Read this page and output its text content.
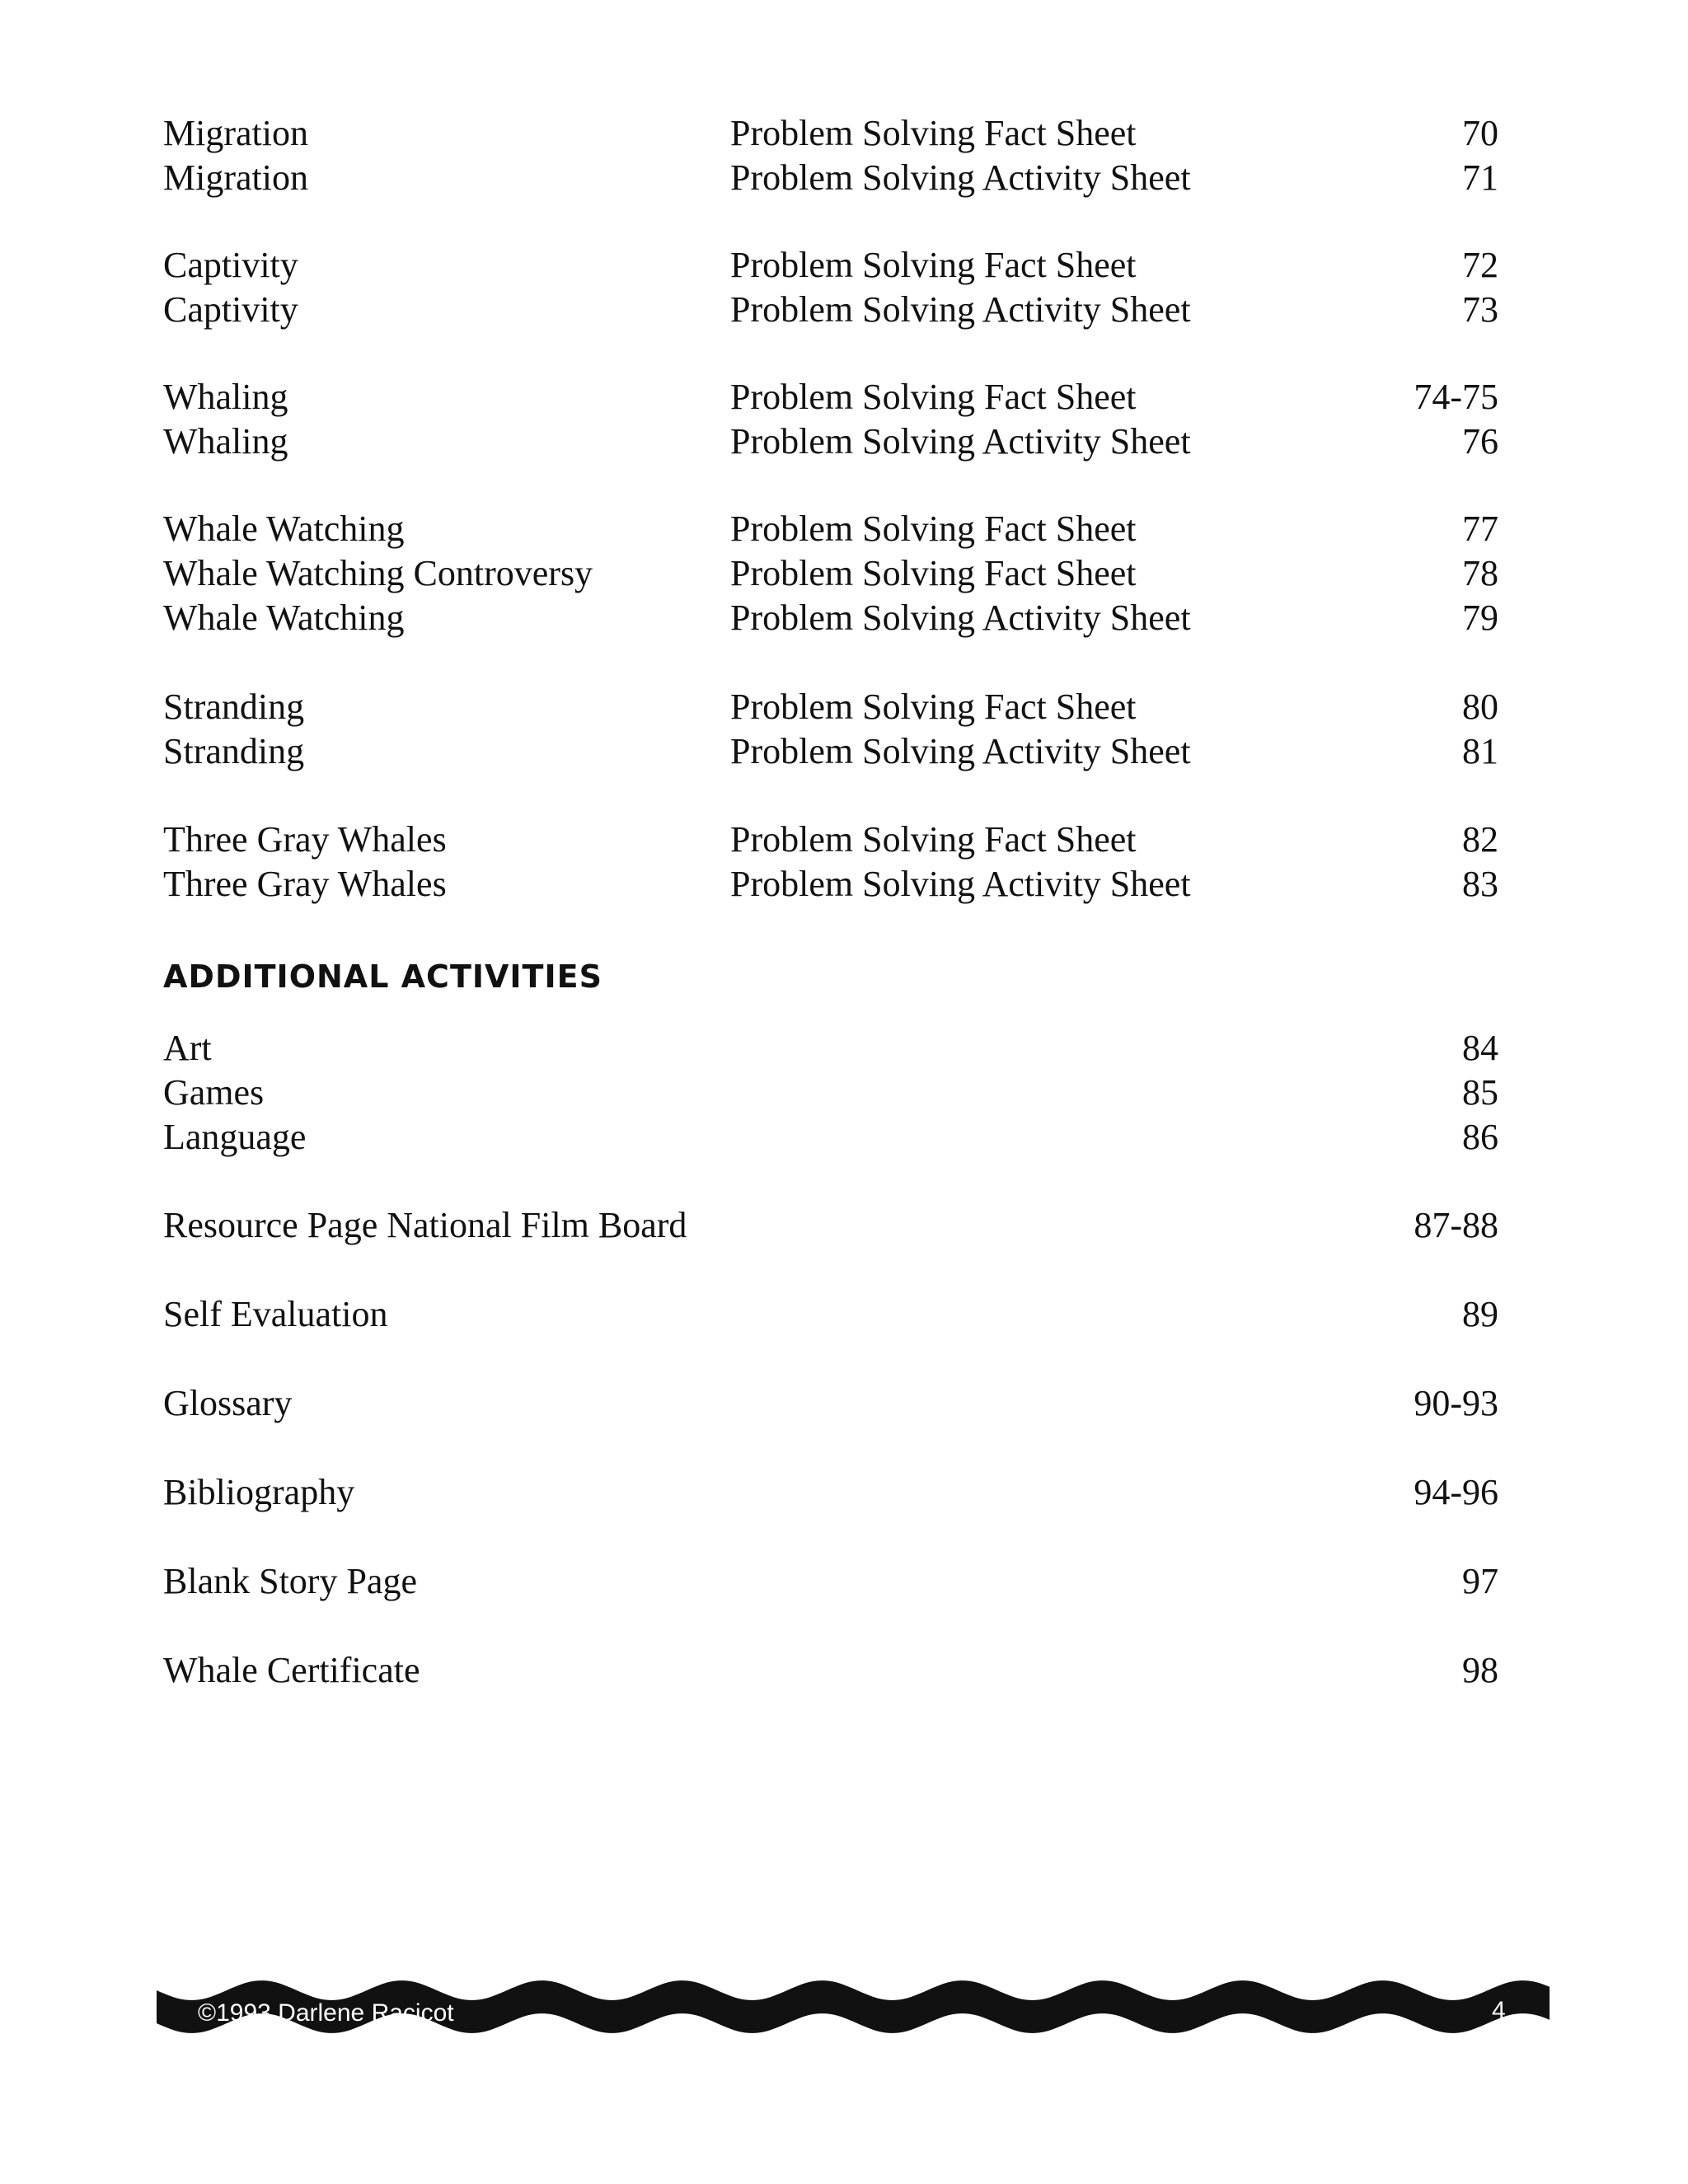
Migration	Problem Solving Fact Sheet	70
Migration	Problem Solving Activity Sheet	71
Captivity	Problem Solving Fact Sheet	72
Captivity	Problem Solving Activity Sheet	73
Whaling	Problem Solving Fact Sheet	74-75
Whaling	Problem Solving Activity Sheet	76
Whale Watching	Problem Solving Fact Sheet	77
Whale Watching Controversy	Problem Solving Fact Sheet	78
Whale Watching	Problem Solving Activity Sheet	79
Stranding	Problem Solving Fact Sheet	80
Stranding	Problem Solving Activity Sheet	81
Three Gray Whales	Problem Solving Fact Sheet	82
Three Gray Whales	Problem Solving Activity Sheet	83
ADDITIONAL ACTIVITIES
Art	84
Games	85
Language	86
Resource Page National Film Board	87-88
Self Evaluation	89
Glossary	90-93
Bibliography	94-96
Blank Story Page	97
Whale Certificate	98
©1993 Darlene Racicot	4
